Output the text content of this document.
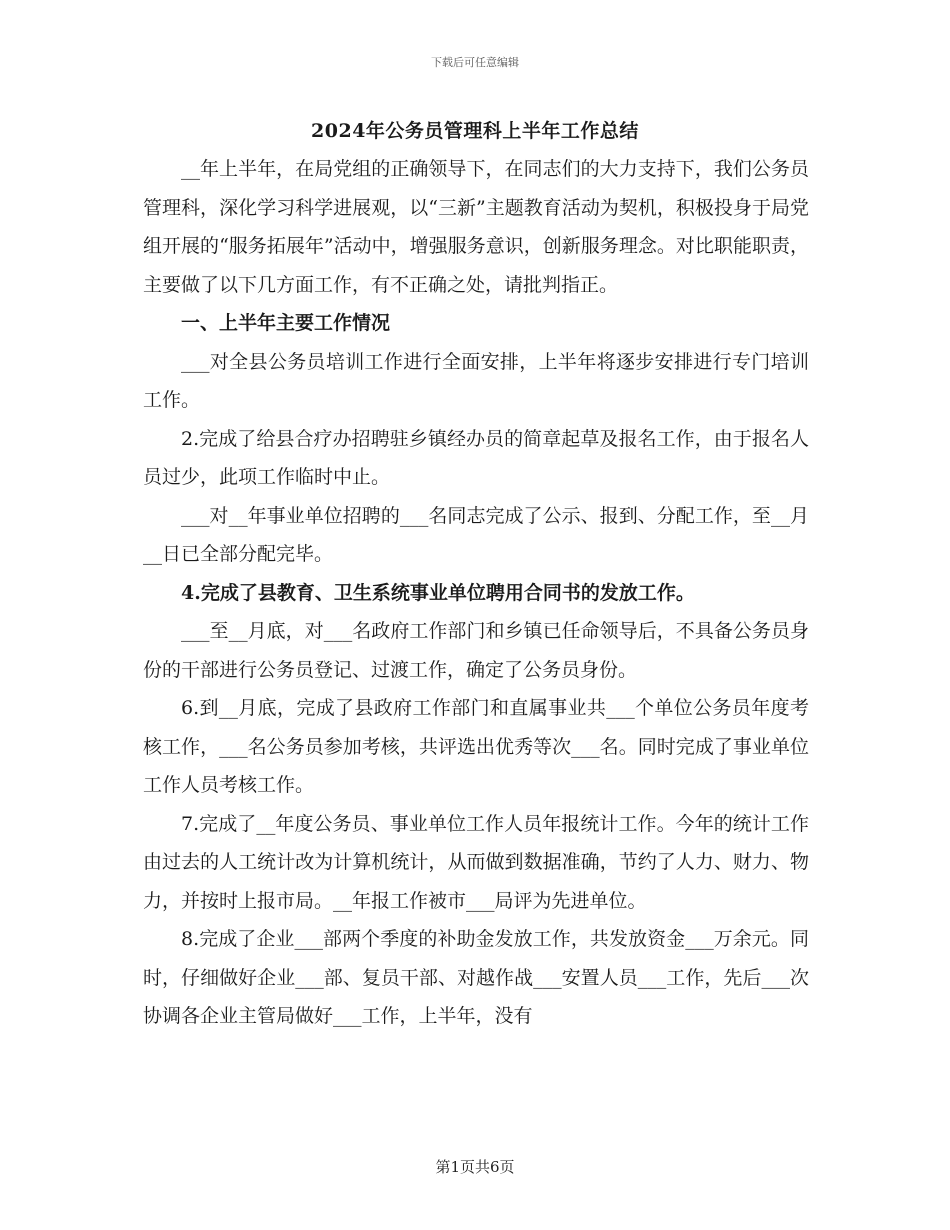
下载后可任意编辑
2024年公务员管理科上半年工作总结

__年上半年，在局党组的正确领导下，在同志们的大力支持下，我们公务员管理科，深化学习科学进展观，以“三新”主题教育活动为契机，积极投身于局党组开展的“服务拓展年”活动中，增强服务意识，创新服务理念。对比职能职责，主要做了以下几方面工作，有不正确之处，请批判指正。

一、上半年主要工作情况

___对全县公务员培训工作进行全面安排，上半年将逐步安排进行专门培训工作。

2.完成了给县合疗办招聘驻乡镇经办员的简章起草及报名工作，由于报名人员过少，此项工作临时中止。

___对__年事业单位招聘的___名同志完成了公示、报到、分配工作，至__月__日已全部分配完毕。

4.完成了县教育、卫生系统事业单位聘用合同书的发放工作。

___至__月底，对___名政府工作部门和乡镇已任命领导后，不具备公务员身份的干部进行公务员登记、过渡工作，确定了公务员身份。

6.到__月底，完成了县政府工作部门和直属事业共___个单位公务员年度考核工作，___名公务员参加考核，共评选出优秀等次___名。同时完成了事业单位工作人员考核工作。

7.完成了__年度公务员、事业单位工作人员年报统计工作。今年的统计工作由过去的人工统计改为计算机统计，从而做到数据准确，节约了人力、财力、物力，并按时上报市局。__年报工作被市___局评为先进单位。

8.完成了企业___部两个季度的补助金发放工作，共发放资金___万余元。同时，仔细做好企业___部、复员干部、对越作战___安置人员___工作，先后___次协调各企业主管局做好___工作，上半年，没有

第1页共6页
